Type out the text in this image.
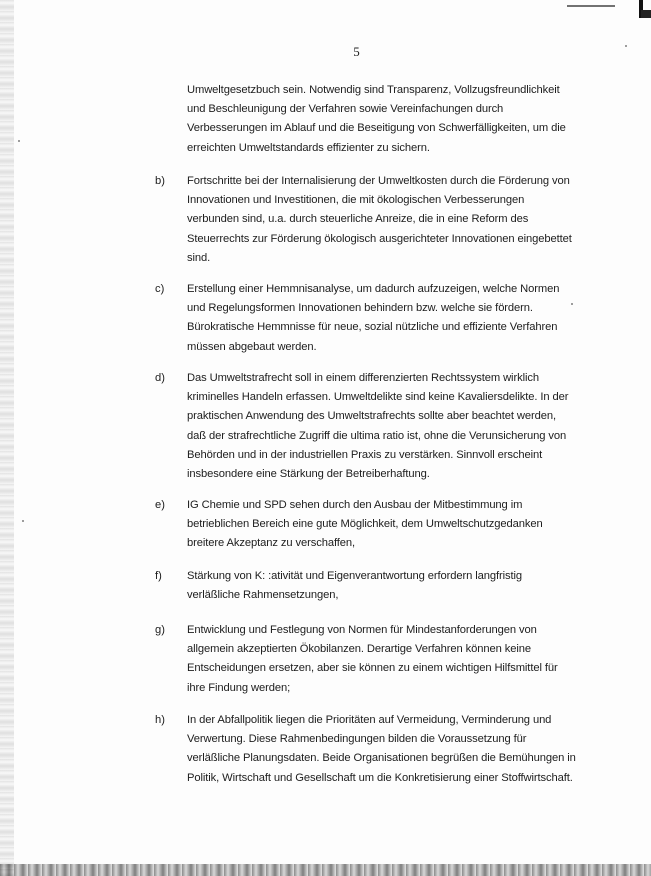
5
Umweltgesetzbuch sein. Notwendig sind Transparenz, Vollzugsfreundlichkeit
und Beschleunigung der Verfahren sowie Vereinfachungen durch
Verbesserungen im Ablauf und die Beseitigung von Schwerfälligkeiten, um die
erreichten Umweltstandards effizienter zu sichern.
b) Fortschritte bei der Internalisierung der Umweltkosten durch die Förderung von
Innovationen und Investitionen, die mit ökologischen Verbesserungen
verbunden sind, u.a. durch steuerliche Anreize, die in eine Reform des
Steuerrechts zur Förderung ökologisch ausgerichteter Innovationen eingebettet
sind.
c) Erstellung einer Hemmnisanalyse, um dadurch aufzuzeigen, welche Normen
und Regelungsformen Innovationen behindern bzw. welche sie fördern.
Bürokratische Hemmnisse für neue, sozial nützliche und effiziente Verfahren
müssen abgebaut werden.
d) Das Umweltstrafrecht soll in einem differenzierten Rechtssystem wirklich
kriminelles Handeln erfassen. Umweltdelikte sind keine Kavaliersdelikte. In der
praktischen Anwendung des Umweltstrafrechts sollte aber beachtet werden,
daß der strafrechtliche Zugriff die ultima ratio ist, ohne die Verunsicherung von
Behörden und in der industriellen Praxis zu verstärken. Sinnvoll erscheint
insbesondere eine Stärkung der Betreiberhaftung.
e) IG Chemie und SPD sehen durch den Ausbau der Mitbestimmung im
betrieblichen Bereich eine gute Möglichkeit, dem Umweltschutzgedanken
breitere Akzeptanz zu verschaffen,
f) Stärkung von K: :ativität und Eigenverantwortung erfordern langfristig
verläßliche Rahmensetzungen,
g) Entwicklung und Festlegung von Normen für Mindestanforderungen von
allgemein akzeptierten Ökobilanzen. Derartige Verfahren können keine
Entscheidungen ersetzen, aber sie können zu einem wichtigen Hilfsmittel für
ihre Findung werden;
h) In der Abfallpolitik liegen die Prioritäten auf Vermeidung, Verminderung und
Verwertung. Diese Rahmenbedingungen bilden die Voraussetzung für
verläßliche Planungsdaten. Beide Organisationen begrüßen die Bemühungen in
Politik, Wirtschaft und Gesellschaft um die Konkretisierung einer Stoffwirtschaft.
